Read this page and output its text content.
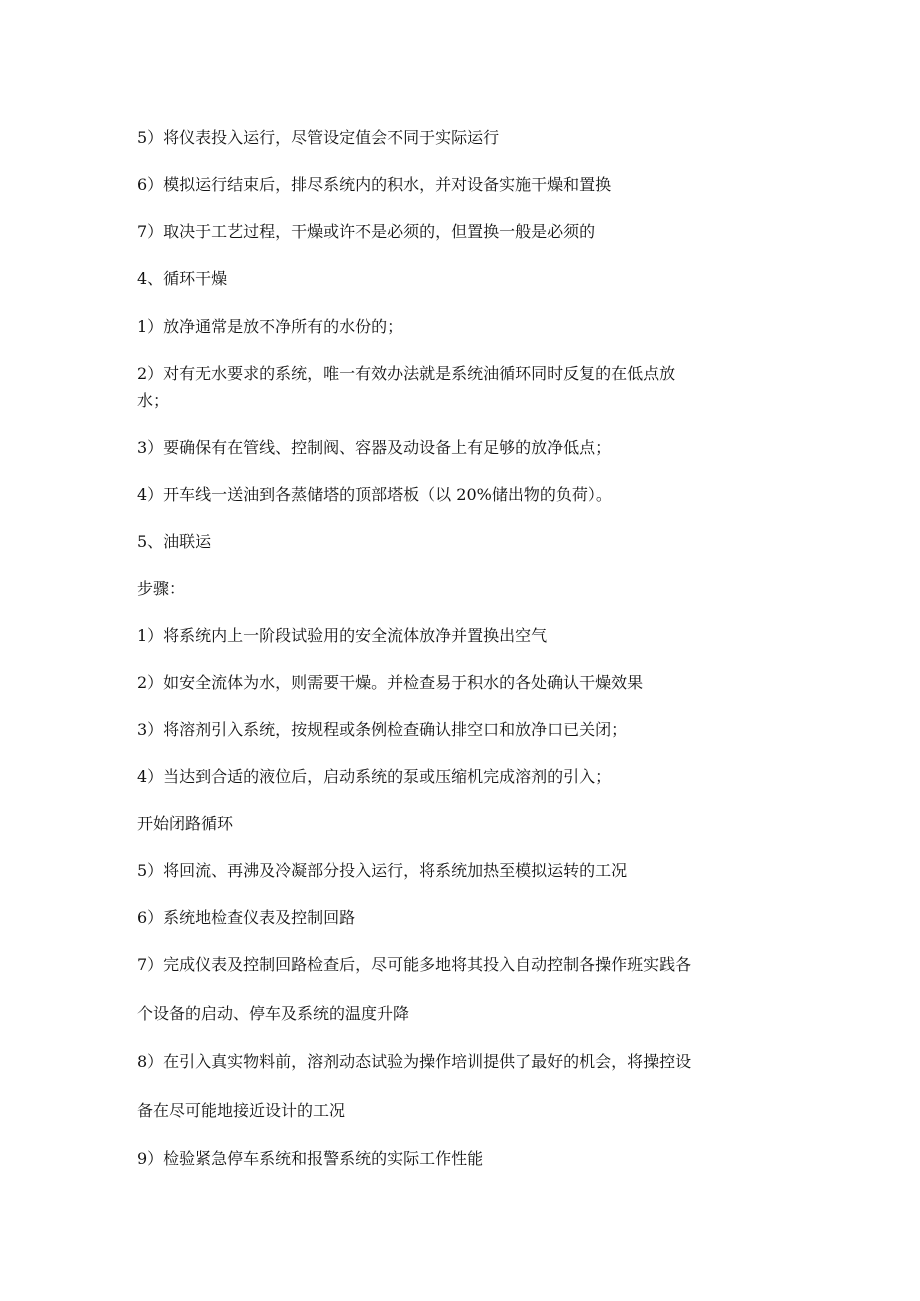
5）将仪表投入运行，尽管设定值会不同于实际运行

6）模拟运行结束后，排尽系统内的积水，并对设备实施干燥和置换

7）取决于工艺过程，干燥或许不是必须的，但置换一般是必须的

4、循环干燥

1）放净通常是放不净所有的水份的；

2）对有无水要求的系统，唯一有效办法就是系统油循环同时反复的在低点放

水；

3）要确保有在管线、控制阀、容器及动设备上有足够的放净低点；

4）开车线一送油到各蒸储塔的顶部塔板（以 20%储出物的负荷）。

5、油联运

步骤：

1）将系统内上一阶段试验用的安全流体放净并置换出空气

2）如安全流体为水，则需要干燥。并检查易于积水的各处确认干燥效果

3）将溶剂引入系统，按规程或条例检查确认排空口和放净口已关闭；

4）当达到合适的液位后，启动系统的泵或压缩机完成溶剂的引入；

开始闭路循环

5）将回流、再沸及冷凝部分投入运行，将系统加热至模拟运转的工况

6）系统地检查仪表及控制回路

7）完成仪表及控制回路检查后，尽可能多地将其投入自动控制各操作班实践各

个设备的启动、停车及系统的温度升降

8）在引入真实物料前，溶剂动态试验为操作培训提供了最好的机会，将操控设

备在尽可能地接近设计的工况

9）检验紧急停车系统和报警系统的实际工作性能
